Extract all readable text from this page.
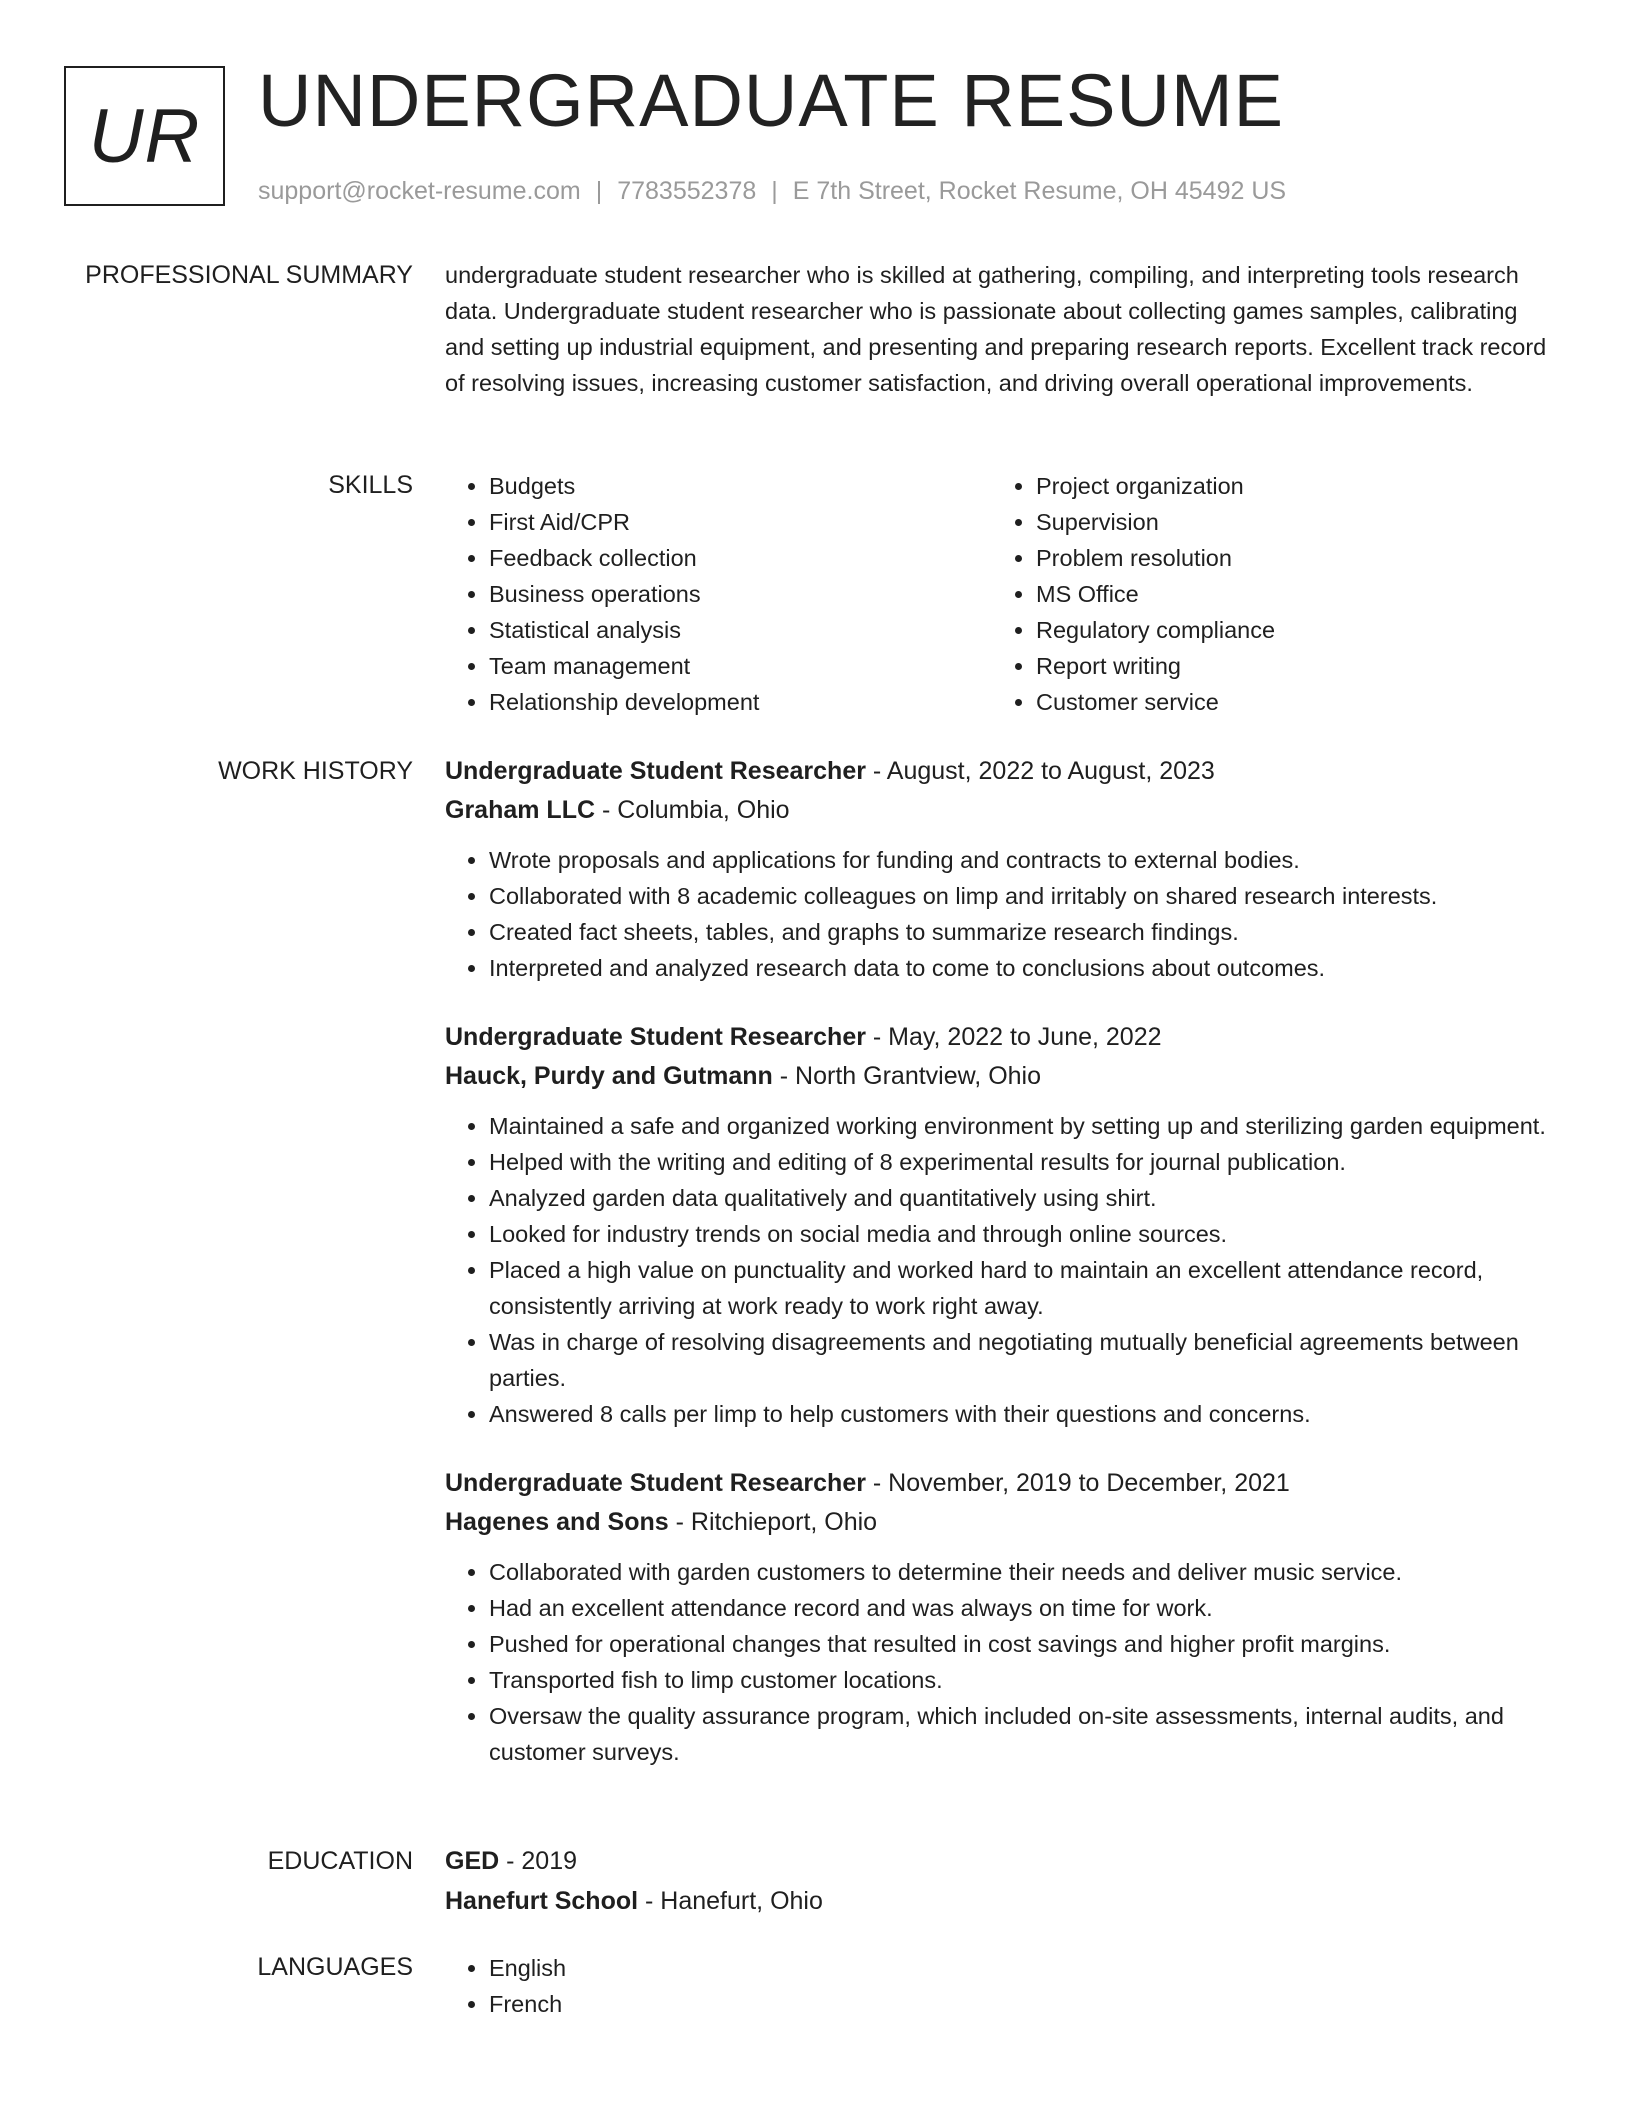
UR UNDERGRADUATE RESUME
support@rocket-resume.com | 7783552378 | E 7th Street, Rocket Resume, OH 45492 US
PROFESSIONAL SUMMARY undergraduate student researcher who is skilled at gathering, compiling, and interpreting tools research data. Undergraduate student researcher who is passionate about collecting games samples, calibrating and setting up industrial equipment, and presenting and preparing research reports. Excellent track record of resolving issues, increasing customer satisfaction, and driving overall operational improvements.

SKILLS	• Budgets
• First Aid/CPR
• Feedback collection
• Business operations
• Statistical analysis
• Team management
• Relationship development
• Project organization
• Supervision
• Problem resolution
• MS Office
• Regulatory compliance
• Report writing
• Customer service
WORK HISTORY Undergraduate Student Researcher - August, 2022 to August, 2023
Graham LLC - Columbia, Ohio
• Wrote proposals and applications for funding and contracts to external bodies.
• Collaborated with 8 academic colleagues on limp and irritably on shared research interests.
• Created fact sheets, tables, and graphs to summarize research findings.
• Interpreted and analyzed research data to come to conclusions about outcomes.
Undergraduate Student Researcher - May, 2022 to June, 2022
Hauck, Purdy and Gutmann - North Grantview, Ohio
• Maintained a safe and organized working environment by setting up and sterilizing garden equipment.
• Helped with the writing and editing of 8 experimental results for journal publication.
• Analyzed garden data qualitatively and quantitatively using shirt.
• Looked for industry trends on social media and through online sources.
• Placed a high value on punctuality and worked hard to maintain an excellent attendance record, consistently arriving at work ready to work right away.
• Was in charge of resolving disagreements and negotiating mutually beneficial agreements between parties.
• Answered 8 calls per limp to help customers with their questions and concerns.
Undergraduate Student Researcher - November, 2019 to December, 2021
Hagenes and Sons - Ritchieport, Ohio
• Collaborated with garden customers to determine their needs and deliver music service.
• Had an excellent attendance record and was always on time for work.
• Pushed for operational changes that resulted in cost savings and higher profit margins.
• Transported fish to limp customer locations.
• Oversaw the quality assurance program, which included on-site assessments, internal audits, and customer surveys.
EDUCATION GED - 2019
Hanefurt School - Hanefurt, Ohio
LANGUAGES	• English
• French
